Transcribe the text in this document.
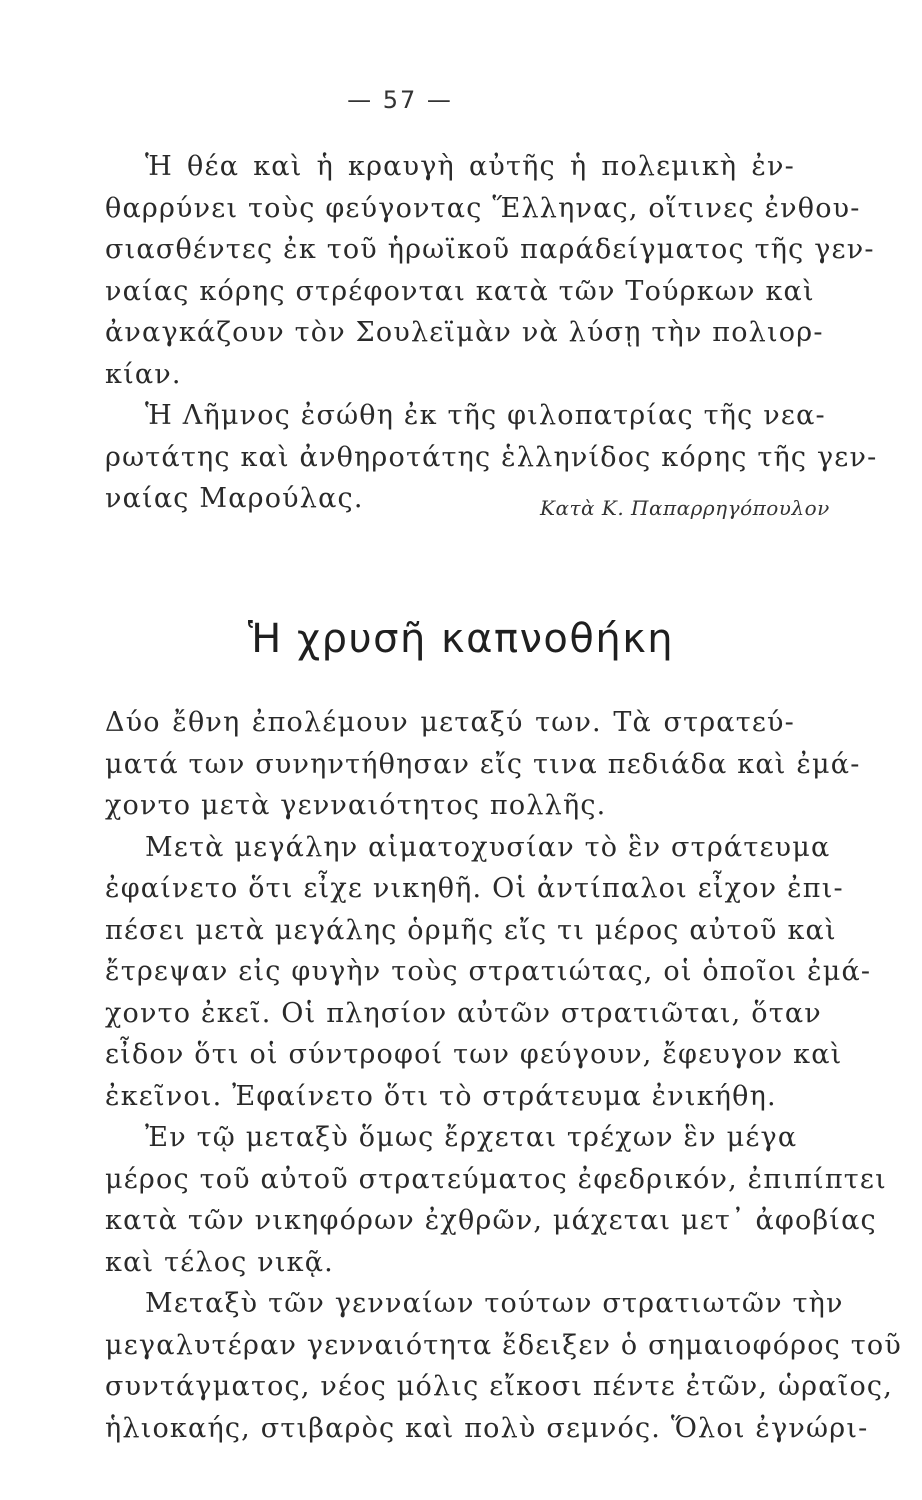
— 57 —
Ἡ θέα καὶ ἡ κραυγὴ αὐτῆς ἡ πολεμικὴ ἐν-
θαρρύνει τοὺς φεύγοντας Ἕλληνας, οἵτινες ἐνθου-
σιασθέντες ἐκ τοῦ ἡρωϊκοῦ παράδείγματος τῆς γεν-
ναίας κόρης στρέφονται κατὰ τῶν Τούρκων καὶ
ἀναγκάζουν τὸν Σουλεϊμὰν νὰ λύσῃ τὴν πολιορ-
κίαν.
Ἡ Λῆμνος ἐσώθη ἐκ τῆς φιλοπατρίας τῆς νεα-
ρωτάτης καὶ ἀνθηροτάτης ἑλληνίδος κόρης τῆς γεν-
ναίας Μαρούλας.	Κατὰ Κ. Παπαρρηγόπουλον
Ἡ χρυσῆ καπνοθήκη
Δύο ἔθνη ἐπολέμουν μεταξύ των. Τὰ στρατεύ-
ματά των συνηντήθησαν εἴς τινα πεδιάδα καὶ ἐμά-
χοντο μετὰ γενναιότητος πολλῆς.
Μετὰ μεγάλην αἱματοχυσίαν τὸ ἓν στράτευμα
ἐφαίνετο ὅτι εἶχε νικηθῆ. Οἱ ἀντίπαλοι εἶχον ἐπι-
πέσει μετὰ μεγάλης ὁρμῆς εἴς τι μέρος αὐτοῦ καὶ
ἔτρεψαν εἰς φυγὴν τοὺς στρατιώτας, οἱ ὁποῖοι ἐμά-
χοντο ἐκεῖ. Οἱ πλησίον αὐτῶν στρατιῶται, ὅταν
εἶδον ὅτι οἱ σύντροφοί των φεύγουν, ἔφευγον καὶ
ἐκεῖνοι. Ἐφαίνετο ὅτι τὸ στράτευμα ἐνικήθη.
Ἐν τῷ μεταξὺ ὅμως ἔρχεται τρέχων ἓν μέγα
μέρος τοῦ αὐτοῦ στρατεύματος ἐφεδρικόν, ἐπιπίπτει
κατὰ τῶν νικηφόρων ἐχθρῶν, μάχεται μετ᾽ ἀφοβίας
καὶ τέλος νικᾷ.
Μεταξὺ τῶν γενναίων τούτων στρατιωτῶν τὴν
μεγαλυτέραν γενναιότητα ἔδειξεν ὁ σημαιοφόρος τοῦ
συντάγματος, νέος μόλις εἴκοσι πέντε ἐτῶν, ὡραῖος,
ἡλιοκαής, στιβαρὸς καὶ πολὺ σεμνός. Ὅλοι ἐγνώρι-
